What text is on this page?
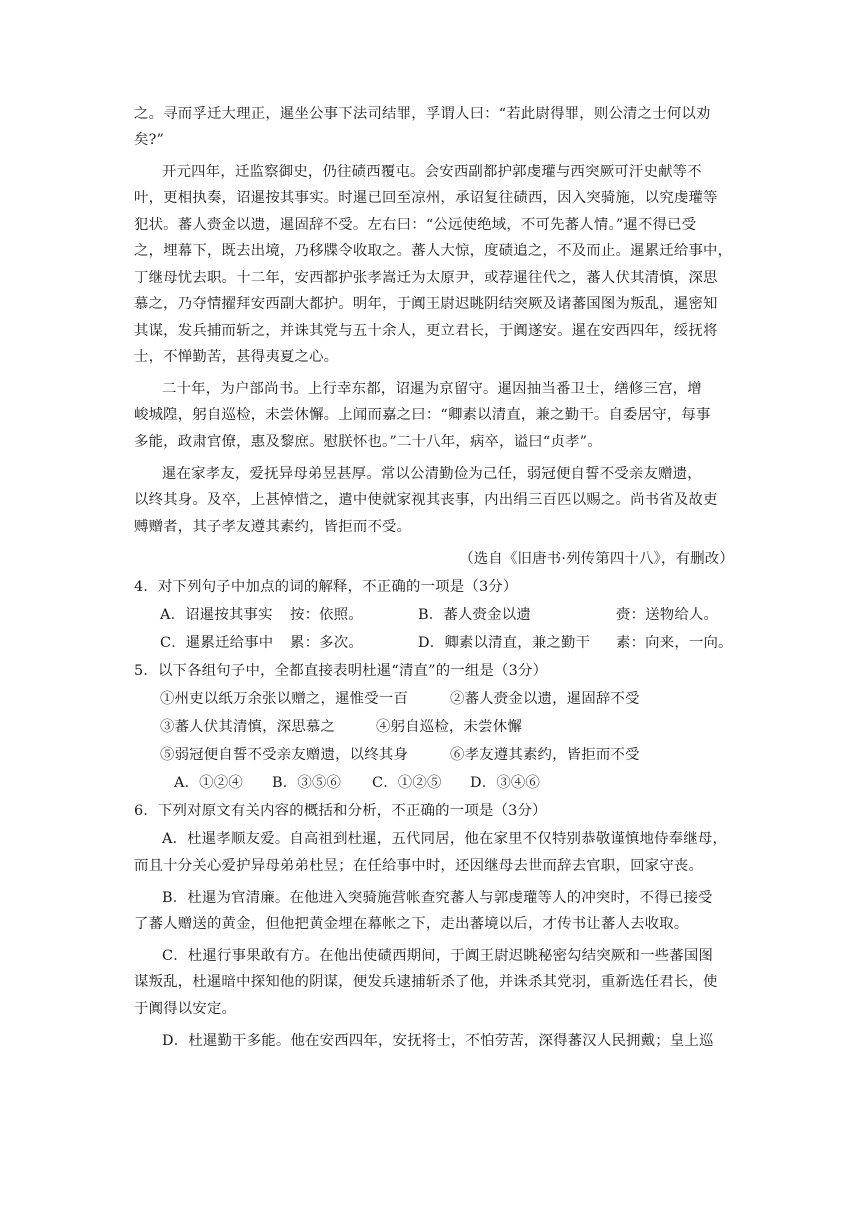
之。寻而孚迁大理正，暹坐公事下法司结罪，孚谓人曰：“若此尉得罪，则公清之士何以劝
矣?”
开元四年，迁监察御史，仍往碛西覆屯。会安西副都护郭虔瓘与西突厥可汗史献等不
叶，更相执奏，诏暹按其事实。时暹已回至凉州，承诏复往碛西，因入突骑施，以究虔瓘等
犯状。蕃人赍金以遗，暹固辞不受。左右曰：“公远使绝域，不可先蕃人情。”暹不得已受
之，埋幕下，既去出境，乃移牒令收取之。蕃人大惊，度碛追之，不及而止。暹累迁给事中，
丁继母忧去职。十二年，安西都护张孝嵩迁为太原尹，或荐暹往代之，蕃人伏其清慎，深思
慕之，乃夺情擢拜安西副大都护。明年，于阗王尉迟眺阴结突厥及诸蕃国图为叛乱，暹密知
其谋，发兵捕而斩之，并诛其党与五十余人，更立君长，于阗遂安。暹在安西四年，绥抚将
士，不惮勤苦，甚得夷夏之心。
二十年，为户部尚书。上行幸东都，诏暹为京留守。暹因抽当番卫士，缮修三宫，增
峻城隍，躬自巡检，未尝休懈。上闻而嘉之曰：“卿素以清直，兼之勤干。自委居守，每事
多能，政肃官僚，惠及黎庶。慰朕怀也。”二十八年，病卒，谥曰“贞孝”。
暹在家孝友，爱抚异母弟昱甚厚。常以公清勤俭为己任，弱冠便自誓不受亲友赠遗，
以终其身。及卒，上甚悼惜之，遣中使就家视其丧事，内出绢三百匹以赐之。尚书省及故吏
赙赠者，其子孝友遵其素约，皆拒而不受。
（选自《旧唐书·列传第四十八》，有删改）
4．对下列句子中加点的词的解释，不正确的一项是（3分）
A．诏暹按其事实 按：依照。	B．蕃人赍金以遗	赍：送物给人。
C．暹累迁给事中 累：多次。	D．卿素以清直，兼之勤干 素：向来，一向。
5．以下各组句子中，全都直接表明杜暹“清直”的一组是（3分）
①州吏以纸万余张以赠之，暹惟受一百	②蕃人赍金以遗，暹固辞不受
③蕃人伏其清慎，深思慕之	④躬自巡检，未尝休懈
⑤弱冠便自誓不受亲友赠遗，以终其身	⑥孝友遵其素约，皆拒而不受
A．①②④ B．③⑤⑥ C．①②⑤ D．③④⑥
6．下列对原文有关内容的概括和分析，不正确的一项是（3分）
A．杜暹孝顺友爱。自高祖到杜暹，五代同居，他在家里不仅特别恭敬谨慎地侍奉继母，
而且十分关心爱护异母弟弟杜昱；在任给事中时，还因继母去世而辞去官职，回家守丧。
B．杜暹为官清廉。在他进入突骑施营帐查究蕃人与郭虔瓘等人的冲突时，不得已接受
了蕃人赠送的黄金，但他把黄金埋在幕帐之下，走出蕃境以后，才传书让蕃人去收取。
C．杜暹行事果敢有方。在他出使碛西期间，于阗王尉迟眺秘密勾结突厥和一些蕃国图
谋叛乱，杜暹暗中探知他的阴谋，便发兵逮捕斩杀了他，并诛杀其党羽，重新选任君长，使
于阗得以安定。
D．杜暹勤干多能。他在安西四年，安抚将士，不怕劳苦，深得蕃汉人民拥戴；皇上巡
